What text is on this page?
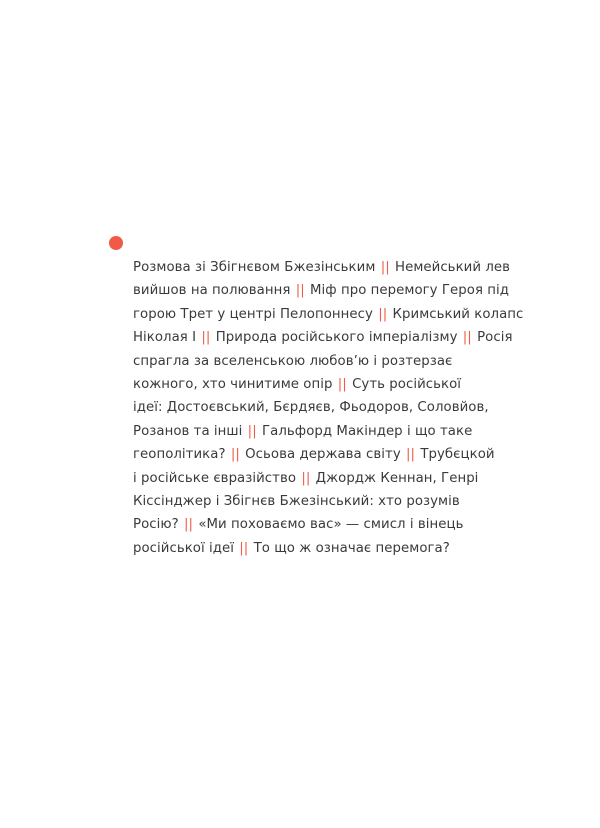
Розмова зі Збігнєвом Бжезінським || Немейський лев
вийшов на полювання || Міф про перемогу Героя під
горою Трет у центрі Пелопоннесу || Кримський колапс
Ніколая І || Природа російського імперіалізму || Росія
спрагла за вселенською любов’ю і розтерзає
кожного, хто чинитиме опір || Суть російської
ідеї: Достоєвський, Бєрдяєв, Фьодоров, Соловйов,
Розанов та інші || Гальфорд Макіндер і що таке
геополітика? || Осьова держава світу || Трубєцкой
і російське євразійство || Джордж Кеннан, Генрі
Кіссінджер і Збігнєв Бжезінський: хто розумів
Росію? || «Ми поховаємо вас» — смисл і вінець
російської ідеї || То що ж означає перемога?
